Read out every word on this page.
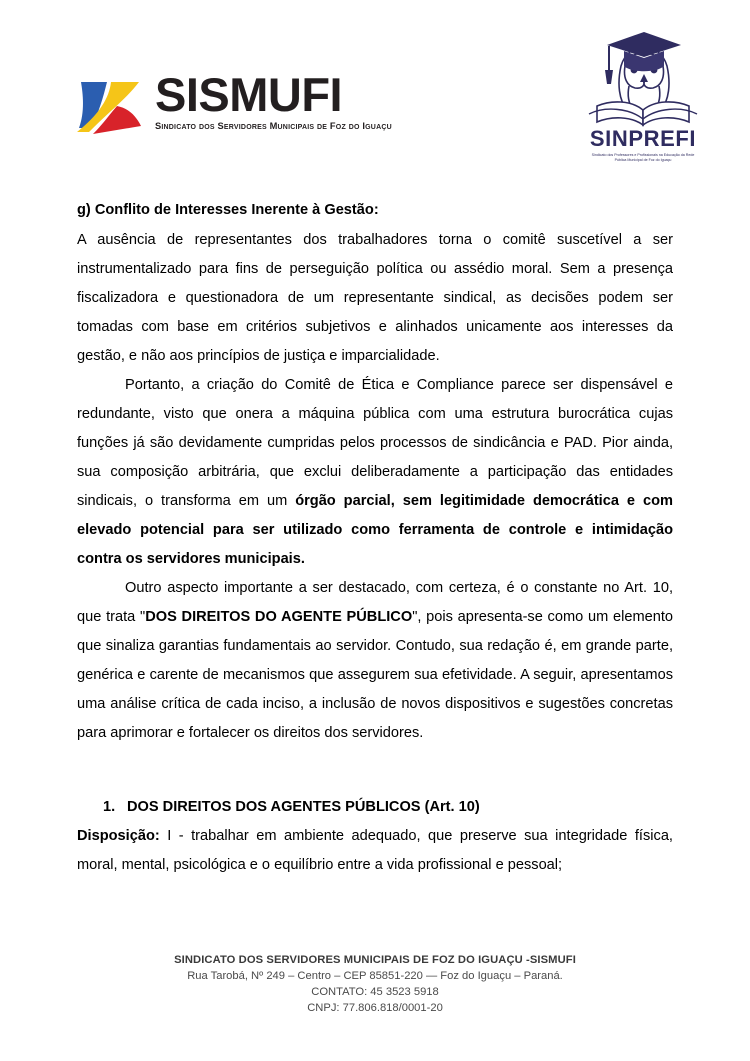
SISMUFI
Sindicato dos Servidores Municipais de Foz do Iguaçu	SINPREFI
Sindicato dos Professores e Profissionais na Educação da Rede Pública Municipal de Foz do Iguaçu
g) Conflito de Interesses Inerente à Gestão:

A ausência de representantes dos trabalhadores torna o comitê suscetível a ser instrumentalizado para fins de perseguição política ou assédio moral. Sem a presença fiscalizadora e questionadora de um representante sindical, as decisões podem ser tomadas com base em critérios subjetivos e alinhados unicamente aos interesses da gestão, e não aos princípios de justiça e imparcialidade.

Portanto, a criação do Comitê de Ética e Compliance parece ser dispensável e redundante, visto que onera a máquina pública com uma estrutura burocrática cujas funções já são devidamente cumpridas pelos processos de sindicância e PAD. Pior ainda, sua composição arbitrária, que exclui deliberadamente a participação das entidades sindicais, o transforma em um órgão parcial, sem legitimidade democrática e com elevado potencial para ser utilizado como ferramenta de controle e intimidação contra os servidores municipais.

Outro aspecto importante a ser destacado, com certeza, é o constante no Art. 10, que trata "DOS DIREITOS DO AGENTE PÚBLICO", pois apresenta-se como um elemento que sinaliza garantias fundamentais ao servidor. Contudo, sua redação é, em grande parte, genérica e carente de mecanismos que assegurem sua efetividade. A seguir, apresentamos uma análise crítica de cada inciso, a inclusão de novos dispositivos e sugestões concretas para aprimorar e fortalecer os direitos dos servidores.

1. DOS DIREITOS DOS AGENTES PÚBLICOS (Art. 10)

Disposição: I - trabalhar em ambiente adequado, que preserve sua integridade física, moral, mental, psicológica e o equilíbrio entre a vida profissional e pessoal;

SINDICATO DOS SERVIDORES MUNICIPAIS DE FOZ DO IGUAÇU -SISMUFI
Rua Tarobá, Nº 249 – Centro – CEP 85851-220 — Foz do Iguaçu – Paraná.
CONTATO: 45 3523 5918
CNPJ: 77.806.818/0001-20
